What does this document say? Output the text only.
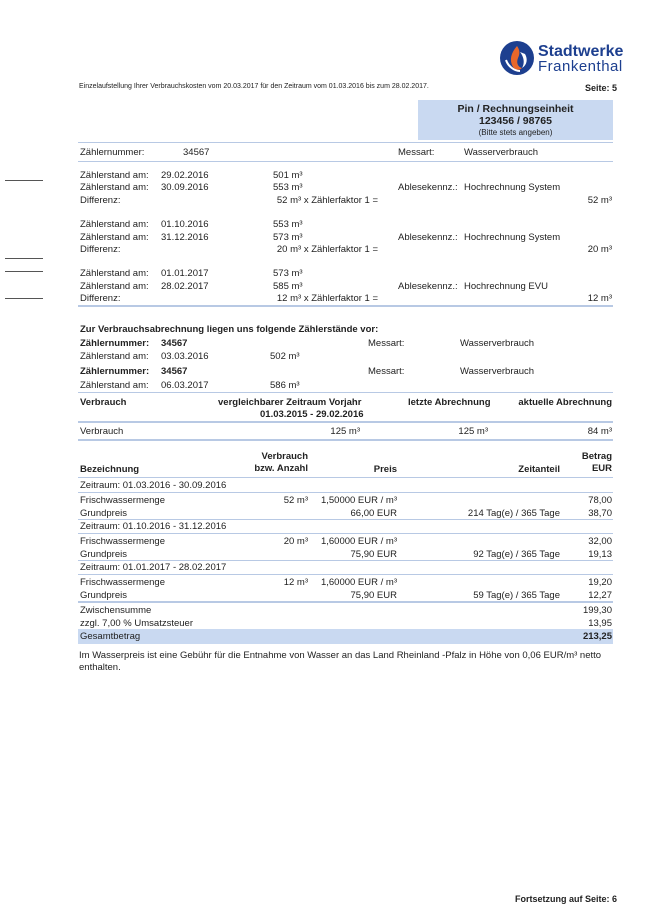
Stadtwerke
Frankenthal
Einzelaufstellung Ihrer Verbrauchskosten vom 20.03.2017 für den Zeitraum vom 01.03.2016 bis zum 28.02.2017.	Seite: 5
Pin / Rechnungseinheit
123456 / 98765
(Bitte stets angeben)
Zählernummer:	34567	Messart:	Wasserverbrauch
Zählerstand am: 29.02.2016	501 m³
Zählerstand am: 30.09.2016	553 m³	Ablesekennz.: Hochrechnung System
Differenz:	52 m³ x Zählerfaktor 1 =	52 m³
Zählerstand am: 01.10.2016	553 m³
Zählerstand am: 31.12.2016	573 m³	Ablesekennz.: Hochrechnung System
Differenz:	20 m³ x Zählerfaktor 1 =	20 m³
Zählerstand am: 01.01.2017	573 m³
Zählerstand am: 28.02.2017	585 m³	Ablesekennz.: Hochrechnung EVU
Differenz:	12 m³ x Zählerfaktor 1 =	12 m³
Zur Verbrauchsabrechnung liegen uns folgende Zählerstände vor:
Zählernummer: 34567	Messart:	Wasserverbrauch
Zählerstand am: 03.03.2016	502 m³
Zählernummer: 34567	Messart:	Wasserverbrauch
Zählerstand am: 06.03.2017	586 m³
Verbrauch	vergleichbarer Zeitraum Vorjahr
01.03.2015 - 29.02.2016
letzte Abrechnung	aktuelle Abrechnung
Verbrauch	125 m³	125 m³	84 m³
Bezeichnung
Verbrauch
bzw. Anzahl	Preis	Zeitanteil
Betrag
EUR
Zeitraum: 01.03.2016 - 30.09.2016
Frischwassermenge	52 m³ 1,50000 EUR / m³	78,00
Grundpreis	66,00 EUR	214 Tag(e) / 365 Tage	38,70
Zeitraum: 01.10.2016 - 31.12.2016
Frischwassermenge	20 m³ 1,60000 EUR / m³	32,00
Grundpreis	75,90 EUR	92 Tag(e) / 365 Tage	19,13
Zeitraum: 01.01.2017 - 28.02.2017
Frischwassermenge	12 m³ 1,60000 EUR / m³	19,20
Grundpreis	75,90 EUR	59 Tag(e) / 365 Tage	12,27
Zwischensumme	199,30
zzgl. 7,00 % Umsatzsteuer	13,95
Gesamtbetrag	213,25
Im Wasserpreis ist eine Gebühr für die Entnahme von Wasser an das Land Rheinland -Pfalz in Höhe von 0,06 EUR/m³ netto
enthalten.
Fortsetzung auf Seite: 6
